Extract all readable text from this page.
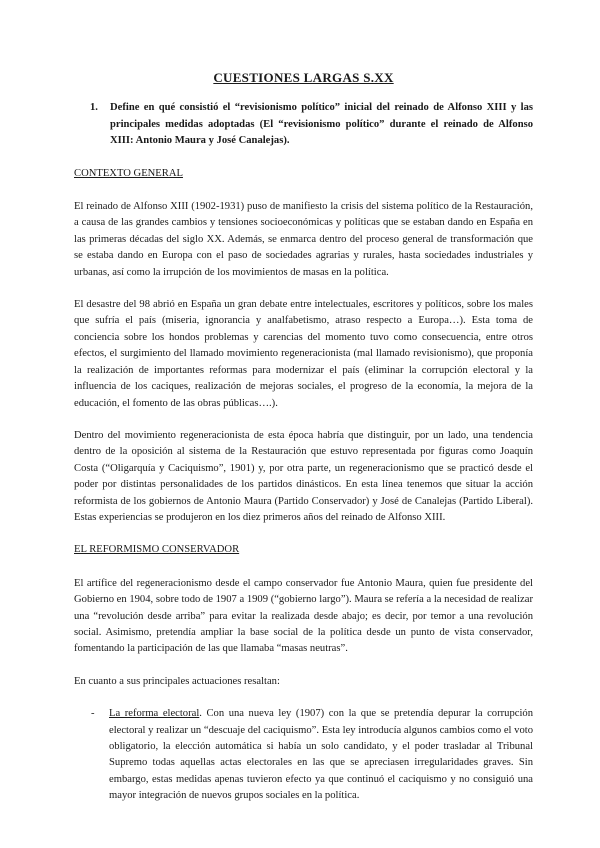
CUESTIONES LARGAS S.XX
1.	Define en qué consistió el “revisionismo político” inicial del reinado de Alfonso XIII y las principales medidas adoptadas (El “revisionismo político” durante el reinado de Alfonso XIII: Antonio Maura y José Canalejas).
CONTEXTO GENERAL

El reinado de Alfonso XIII (1902-1931) puso de manifiesto la crisis del sistema político de la Restauración, a causa de las grandes cambios y tensiones socioeconómicas y políticas que se estaban dando en España en las primeras décadas del siglo XX. Además, se enmarca dentro del proceso general de transformación que se estaba dando en Europa con el paso de sociedades agrarias y rurales, hasta sociedades industriales y urbanas, así como la irrupción de los movimientos de masas en la política.

El desastre del 98 abrió en España un gran debate entre intelectuales, escritores y políticos, sobre los males que sufría el país (miseria, ignorancia y analfabetismo, atraso respecto a Europa…). Esta toma de conciencia sobre los hondos problemas y carencias del momento tuvo como consecuencia, entre otros efectos, el surgimiento del llamado movimiento regeneracionista (mal llamado revisionismo), que proponía la realización de importantes reformas para modernizar el país (eliminar la corrupción electoral y la influencia de los caciques, realización de mejoras sociales, el progreso de la economía, la mejora de la educación, el fomento de las obras públicas….).

Dentro del movimiento regeneracionista de esta época habría que distinguir, por un lado, una tendencia dentro de la oposición al sistema de la Restauración que estuvo representada por figuras como Joaquín Costa (“Oligarquía y Caciquismo”, 1901) y, por otra parte, un regeneracionismo que se practicó desde el poder por distintas personalidades de los partidos dinásticos. En esta línea tenemos que situar la acción reformista de los gobiernos de Antonio Maura (Partido Conservador) y José de Canalejas (Partido Liberal). Estas experiencias se produjeron en los diez primeros años del reinado de Alfonso XIII.

EL REFORMISMO CONSERVADOR

El artífice del regeneracionismo desde el campo conservador fue Antonio Maura, quien fue presidente del Gobierno en 1904, sobre todo de 1907 a 1909 (“gobierno largo”). Maura se refería a la necesidad de realizar una “revolución desde arriba” para evitar la realizada desde abajo; es decir, por temor a una revolución social. Asimismo, pretendía ampliar la base social de la política desde un punto de vista conservador, fomentando la participación de las que llamaba “masas neutras”.

En cuanto a sus principales actuaciones resaltan:

-	La reforma electoral. Con una nueva ley (1907) con la que se pretendía depurar la corrupción electoral y realizar un “descuaje del caciquismo”. Esta ley introducía algunos cambios como el voto obligatorio, la elección automática si había un solo candidato, y el poder trasladar al Tribunal Supremo todas aquellas actas electorales en las que se apreciasen irregularidades graves. Sin embargo, estas medidas apenas tuvieron efecto ya que continuó el caciquismo y no consiguió una mayor integración de nuevos grupos sociales en la política.
